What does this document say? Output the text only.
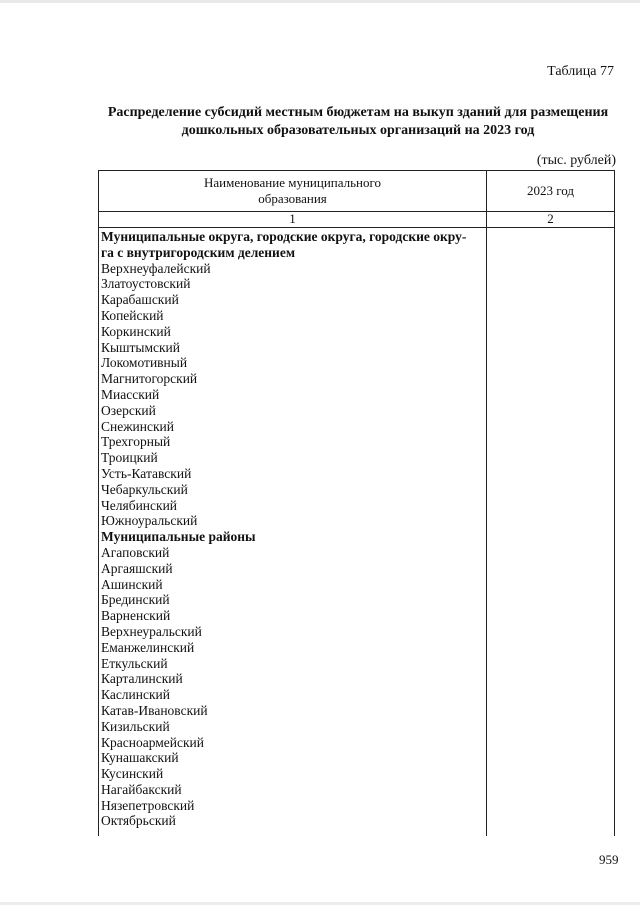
Таблица 77
Распределение субсидий местным бюджетам на выкуп зданий для размещения
дошкольных образовательных организаций на 2023 год
(тыс. рублей)
Наименование муниципального
образования
2023 год
1	2
Муниципальные округа, городские округа, городские окру-
га с внутригородским делением
Верхнеуфалейский
Златоустовский
Карабашский
Копейский
Коркинский
Кыштымский
Локомотивный
Магнитогорский
Миасский
Озерский
Снежинский
Трехгорный
Троицкий
Усть-Катавский
Чебаркульский
Челябинский
Южноуральский
Муниципальные районы
Агаповский
Аргаяшский
Ашинский
Брединский
Варненский
Верхнеуральский
Еманжелинский
Еткульский
Карталинский
Каслинский
Катав-Ивановский
Кизильский
Красноармейский
Кунашакский
Кусинский
Нагайбакский
Нязепетровский
Октябрьский
959
